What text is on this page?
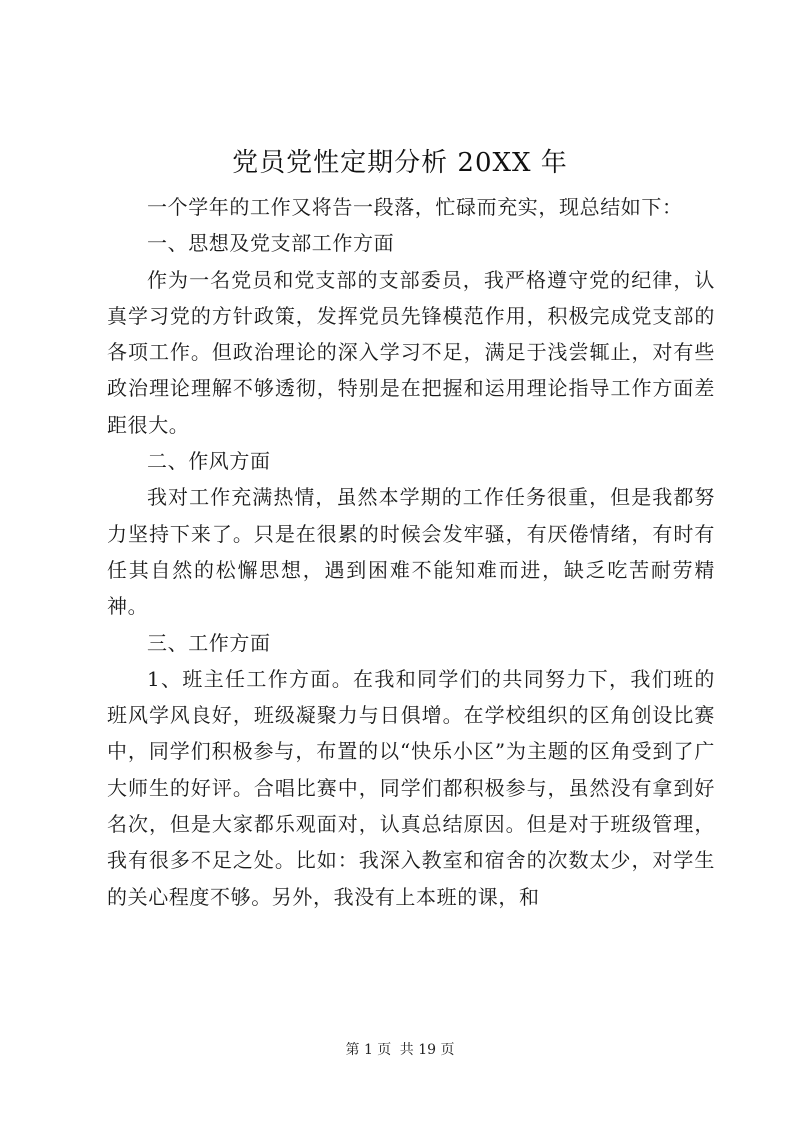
党员党性定期分析 20XX 年

一个学年的工作又将告一段落，忙碌而充实，现总结如下：

一、思想及党支部工作方面

作为一名党员和党支部的支部委员，我严格遵守党的纪律，认真学习党的方针政策，发挥党员先锋模范作用，积极完成党支部的各项工作。但政治理论的深入学习不足，满足于浅尝辄止，对有些政治理论理解不够透彻，特别是在把握和运用理论指导工作方面差距很大。

二、作风方面

我对工作充满热情，虽然本学期的工作任务很重，但是我都努力坚持下来了。只是在很累的时候会发牢骚，有厌倦情绪，有时有任其自然的松懈思想，遇到困难不能知难而进，缺乏吃苦耐劳精神。

三、工作方面

1、班主任工作方面。在我和同学们的共同努力下，我们班的班风学风良好，班级凝聚力与日俱增。在学校组织的区角创设比赛中，同学们积极参与，布置的以“快乐小区”为主题的区角受到了广大师生的好评。合唱比赛中，同学们都积极参与，虽然没有拿到好名次，但是大家都乐观面对，认真总结原因。但是对于班级管理，我有很多不足之处。比如：我深入教室和宿舍的次数太少，对学生的关心程度不够。另外，我没有上本班的课，和

第 1 页 共 19 页
